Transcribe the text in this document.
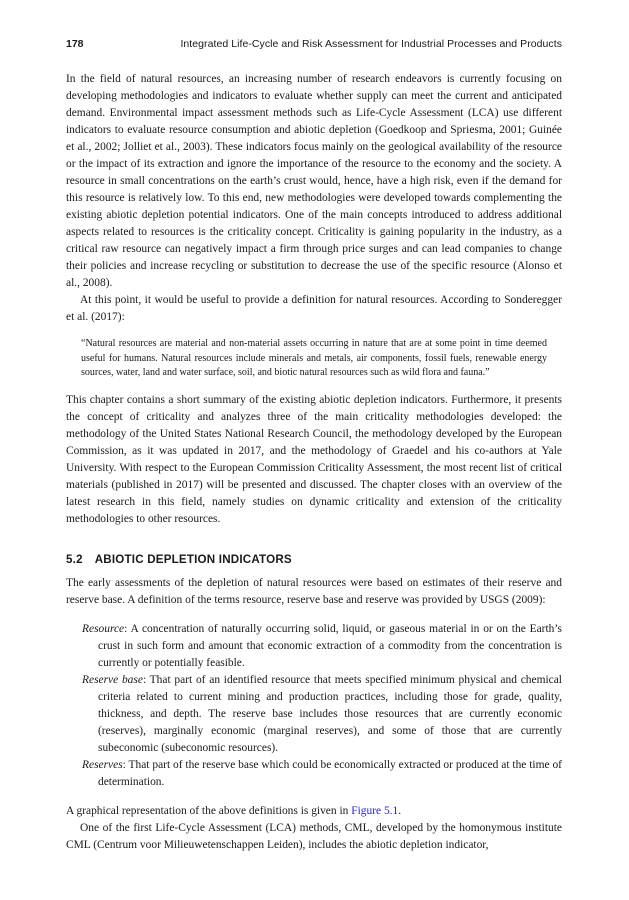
178	Integrated Life-Cycle and Risk Assessment for Industrial Processes and Products

In the field of natural resources, an increasing number of research endeavors is currently focusing on developing methodologies and indicators to evaluate whether supply can meet the current and anticipated demand. Environmental impact assessment methods such as Life-Cycle Assessment (LCA) use different indicators to evaluate resource consumption and abiotic depletion (Goedkoop and Spriesma, 2001; Guinée et al., 2002; Jolliet et al., 2003). These indicators focus mainly on the geological availability of the resource or the impact of its extraction and ignore the importance of the resource to the economy and the society. A resource in small concentrations on the earth’s crust would, hence, have a high risk, even if the demand for this resource is relatively low. To this end, new methodologies were developed towards complementing the existing abiotic depletion potential indicators. One of the main concepts introduced to address additional aspects related to resources is the criticality concept. Criticality is gaining popularity in the industry, as a critical raw resource can negatively impact a firm through price surges and can lead companies to change their policies and increase recycling or substitution to decrease the use of the specific resource (Alonso et al., 2008).

At this point, it would be useful to provide a definition for natural resources. According to Sonderegger et al. (2017):

“Natural resources are material and non-material assets occurring in nature that are at some point in time deemed useful for humans. Natural resources include minerals and metals, air components, fossil fuels, renewable energy sources, water, land and water surface, soil, and biotic natural resources such as wild flora and fauna.”

This chapter contains a short summary of the existing abiotic depletion indicators. Furthermore, it presents the concept of criticality and analyzes three of the main criticality methodologies developed: the methodology of the United States National Research Council, the methodology developed by the European Commission, as it was updated in 2017, and the methodology of Graedel and his co-authors at Yale University. With respect to the European Commission Criticality Assessment, the most recent list of critical materials (published in 2017) will be presented and discussed. The chapter closes with an overview of the latest research in this field, namely studies on dynamic criticality and extension of the criticality methodologies to other resources.

5.2 ABIOTIC DEPLETION INDICATORS

The early assessments of the depletion of natural resources were based on estimates of their reserve and reserve base. A definition of the terms resource, reserve base and reserve was provided by USGS (2009):

Resource: A concentration of naturally occurring solid, liquid, or gaseous material in or on the Earth’s crust in such form and amount that economic extraction of a commodity from the concentration is currently or potentially feasible.
Reserve base: That part of an identified resource that meets specified minimum physical and chemical criteria related to current mining and production practices, including those for grade, quality, thickness, and depth. The reserve base includes those resources that are currently economic (reserves), marginally economic (marginal reserves), and some of those that are currently subeconomic (subeconomic resources).
Reserves: That part of the reserve base which could be economically extracted or produced at the time of determination.

A graphical representation of the above definitions is given in Figure 5.1.

One of the first Life-Cycle Assessment (LCA) methods, CML, developed by the homonymous institute CML (Centrum voor Milieuwetenschappen Leiden), includes the abiotic depletion indicator,
